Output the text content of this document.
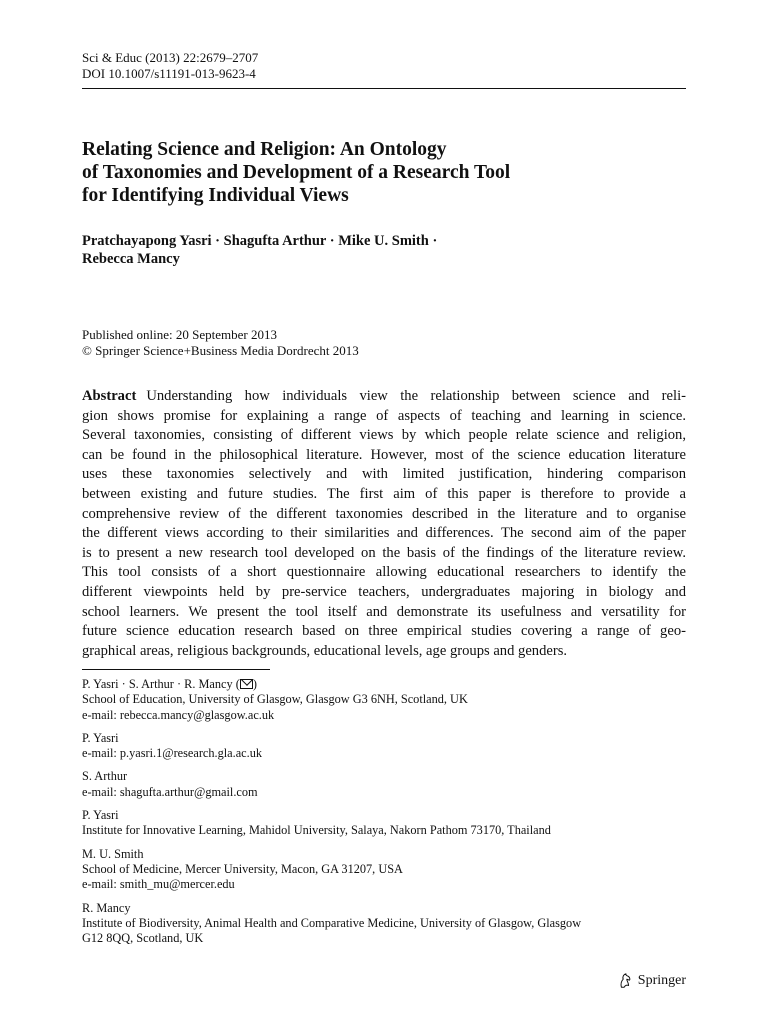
Sci & Educ (2013) 22:2679–2707
DOI 10.1007/s11191-013-9623-4
Relating Science and Religion: An Ontology
of Taxonomies and Development of a Research Tool
for Identifying Individual Views
Pratchayapong Yasri · Shagufta Arthur · Mike U. Smith ·
Rebecca Mancy
Published online: 20 September 2013
© Springer Science+Business Media Dordrecht 2013
Abstract Understanding how individuals view the relationship between science and reli-
gion shows promise for explaining a range of aspects of teaching and learning in science.
Several taxonomies, consisting of different views by which people relate science and religion,
can be found in the philosophical literature. However, most of the science education literature
uses these taxonomies selectively and with limited justification, hindering comparison
between existing and future studies. The first aim of this paper is therefore to provide a
comprehensive review of the different taxonomies described in the literature and to organise
the different views according to their similarities and differences. The second aim of the paper
is to present a new research tool developed on the basis of the findings of the literature review.
This tool consists of a short questionnaire allowing educational researchers to identify the
different viewpoints held by pre-service teachers, undergraduates majoring in biology and
school learners. We present the tool itself and demonstrate its usefulness and versatility for
future science education research based on three empirical studies covering a range of geo-
graphical areas, religious backgrounds, educational levels, age groups and genders.
P. Yasri · S. Arthur · R. Mancy ( )
School of Education, University of Glasgow, Glasgow G3 6NH, Scotland, UK
e-mail: rebecca.mancy@glasgow.ac.uk
P. Yasri
e-mail: p.yasri.1@research.gla.ac.uk
S. Arthur
e-mail: shagufta.arthur@gmail.com
P. Yasri
Institute for Innovative Learning, Mahidol University, Salaya, Nakorn Pathom 73170, Thailand
M. U. Smith
School of Medicine, Mercer University, Macon, GA 31207, USA
e-mail: smith_mu@mercer.edu
R. Mancy
Institute of Biodiversity, Animal Health and Comparative Medicine, University of Glasgow, Glasgow
G12 8QQ, Scotland, UK
Springer
